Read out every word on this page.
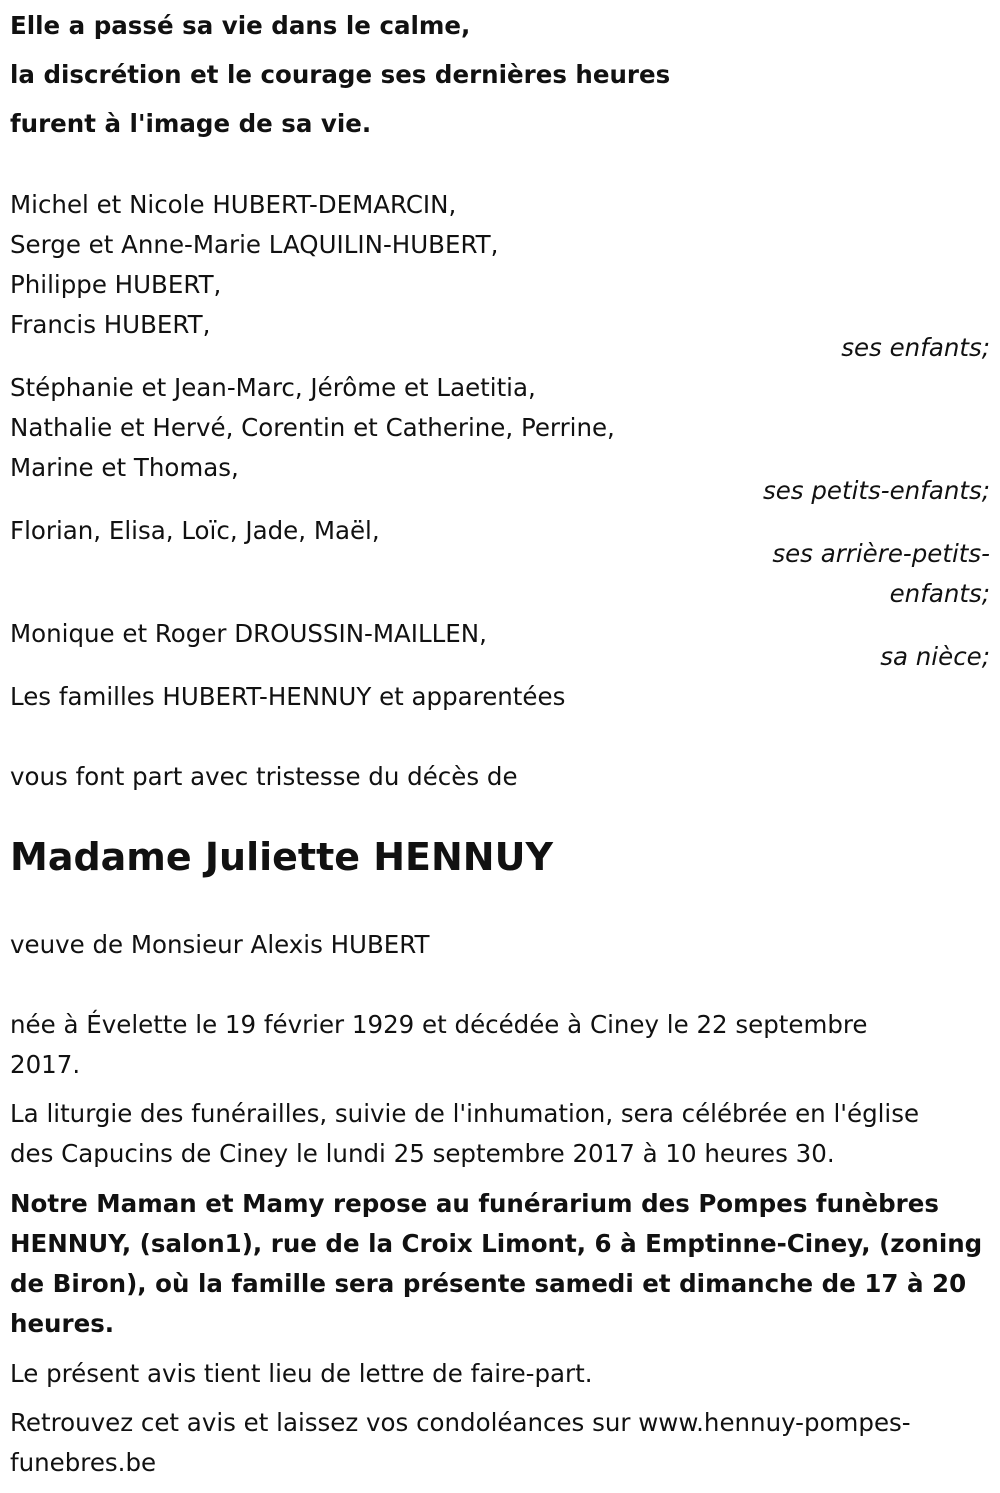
Elle a passé sa vie dans le calme,
la discrétion et le courage ses dernières heures
furent à l'image de sa vie.
Michel et Nicole HUBERT-DEMARCIN,
Serge et Anne-Marie LAQUILIN-HUBERT,
Philippe HUBERT,
Francis HUBERT,
ses enfants;
Stéphanie et Jean-Marc, Jérôme et Laetitia,
Nathalie et Hervé, Corentin et Catherine, Perrine,
Marine et Thomas,
ses petits-enfants;
Florian, Elisa, Loïc, Jade, Maël,
ses arrière-petits-
enfants;
Monique et Roger DROUSSIN-MAILLEN,
sa nièce;
Les familles HUBERT-HENNUY et apparentées
vous font part avec tristesse du décès de
Madame Juliette HENNUY
veuve de Monsieur Alexis HUBERT
née à Évelette le 19 février 1929 et décédée à Ciney le 22 septembre
2017.
La liturgie des funérailles, suivie de l'inhumation, sera célébrée en l'église
des Capucins de Ciney le lundi 25 septembre 2017 à 10 heures 30.
Notre Maman et Mamy repose au funérarium des Pompes funèbres
HENNUY, (salon1), rue de la Croix Limont, 6 à Emptinne-Ciney, (zoning
de Biron), où la famille sera présente samedi et dimanche de 17 à 20
heures.
Le présent avis tient lieu de lettre de faire-part.
Retrouvez cet avis et laissez vos condoléances sur www.hennuy-pompes-
funebres.be
